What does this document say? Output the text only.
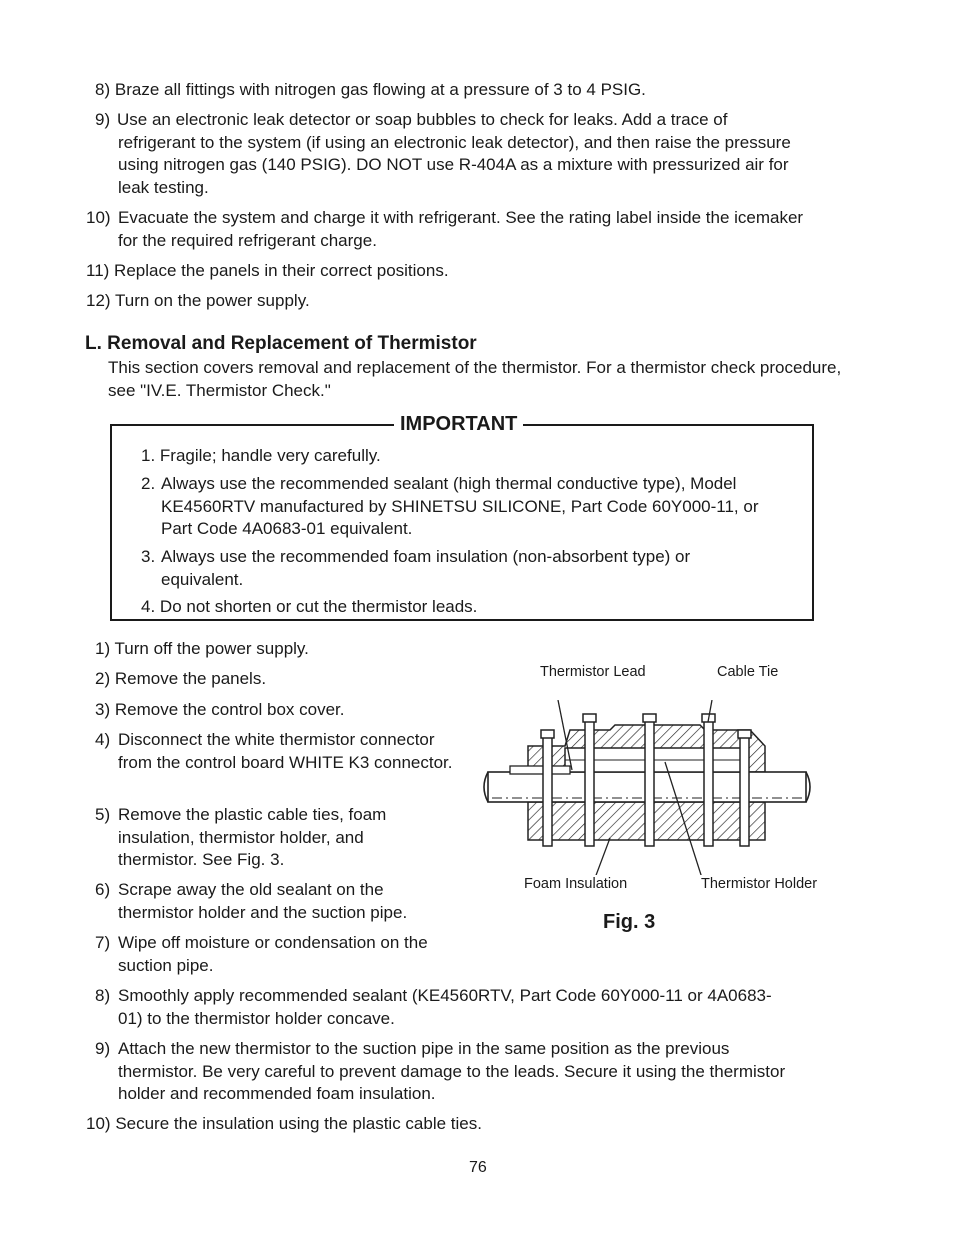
8) Braze all fittings with nitrogen gas flowing at a pressure of 3 to 4 PSIG.
9) Use an electronic leak detector or soap bubbles to check for leaks. Add a trace of refrigerant to the system (if using an electronic leak detector), and then raise the pressure using nitrogen gas (140 PSIG). DO NOT use R-404A as a mixture with pressurized air for leak testing.
10) Evacuate the system and charge it with refrigerant. See the rating label inside the icemaker for the required refrigerant charge.
11) Replace the panels in their correct positions.
12) Turn on the power supply.
L. Removal and Replacement of Thermistor
This section covers removal and replacement of the thermistor. For a thermistor check procedure, see "IV.E. Thermistor Check."
IMPORTANT
1. Fragile; handle very carefully.
2. Always use the recommended sealant (high thermal conductive type), Model KE4560RTV manufactured by SHINETSU SILICONE, Part Code 60Y000-11, or Part Code 4A0683-01 equivalent.
3. Always use the recommended foam insulation (non-absorbent type) or equivalent.
4. Do not shorten or cut the thermistor leads.
1) Turn off the power supply.
2) Remove the panels.
3) Remove the control box cover.
4) Disconnect the white thermistor connector from the control board WHITE K3 connector.
5) Remove the plastic cable ties, foam insulation, thermistor holder, and thermistor. See Fig. 3.
6) Scrape away the old sealant on the thermistor holder and the suction pipe.
7) Wipe off moisture or condensation on the suction pipe.
8) Smoothly apply recommended sealant (KE4560RTV, Part Code 60Y000-11 or 4A0683-01) to the thermistor holder concave.
9) Attach the new thermistor to the suction pipe in the same position as the previous thermistor. Be very careful to prevent damage to the leads. Secure it using the thermistor holder and recommended foam insulation.
10) Secure the insulation using the plastic cable ties.
Thermistor Lead	Cable Tie
Foam Insulation	Thermistor Holder
Fig. 3
76
